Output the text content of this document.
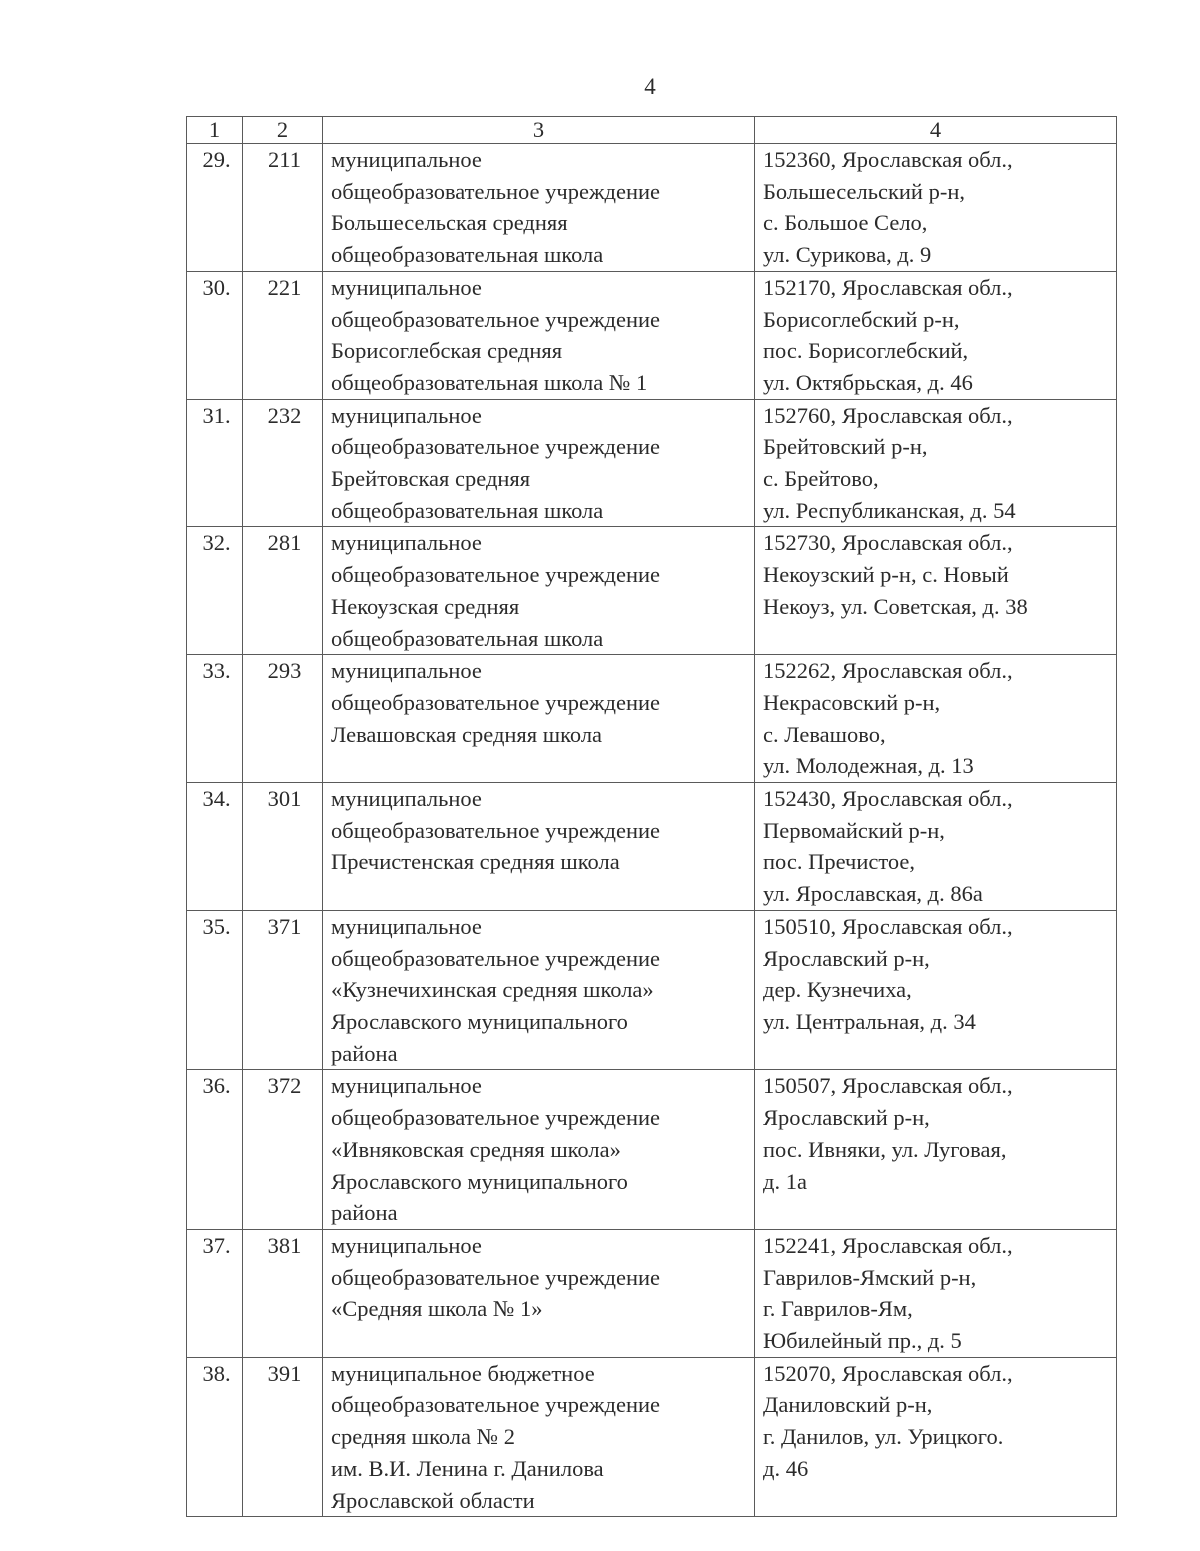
4
1	2	3	4
29.	211	муниципальное
общеобразовательное учреждение
Большесельская средняя
общеобразовательная школа	152360, Ярославская обл.,
Большесельский р-н,
с. Большое Село,
ул. Сурикова, д. 9
30.	221	муниципальное
общеобразовательное учреждение
Борисоглебская средняя
общеобразовательная школа № 1	152170, Ярославская обл.,
Борисоглебский р-н,
пос. Борисоглебский,
ул. Октябрьская, д. 46
31.	232	муниципальное
общеобразовательное учреждение
Брейтовская средняя
общеобразовательная школа	152760, Ярославская обл.,
Брейтовский р-н,
с. Брейтово,
ул. Республиканская, д. 54
32.	281	муниципальное
общеобразовательное учреждение
Некоузская средняя
общеобразовательная школа	152730, Ярославская обл.,
Некоузский р-н, с. Новый
Некоуз, ул. Советская, д. 38
33.	293	муниципальное
общеобразовательное учреждение
Левашовская средняя школа	152262, Ярославская обл.,
Некрасовский р-н,
с. Левашово,
ул. Молодежная, д. 13
34.	301	муниципальное
общеобразовательное учреждение
Пречистенская средняя школа	152430, Ярославская обл.,
Первомайский р-н,
пос. Пречистое,
ул. Ярославская, д. 86а
35.	371	муниципальное
общеобразовательное учреждение
«Кузнечихинская средняя школа»
Ярославского муниципального
района	150510, Ярославская обл.,
Ярославский р-н,
дер. Кузнечиха,
ул. Центральная, д. 34
36.	372	муниципальное
общеобразовательное учреждение
«Ивняковская средняя школа»
Ярославского муниципального
района	150507, Ярославская обл.,
Ярославский р-н,
пос. Ивняки, ул. Луговая,
д. 1а
37.	381	муниципальное
общеобразовательное учреждение
«Средняя школа № 1»	152241, Ярославская обл.,
Гаврилов-Ямский р-н,
г. Гаврилов-Ям,
Юбилейный пр., д. 5
38.	391	муниципальное бюджетное
общеобразовательное учреждение
средняя школа № 2
им. В.И. Ленина г. Данилова
Ярославской области	152070, Ярославская обл.,
Даниловский р-н,
г. Данилов, ул. Урицкого.
д. 46
